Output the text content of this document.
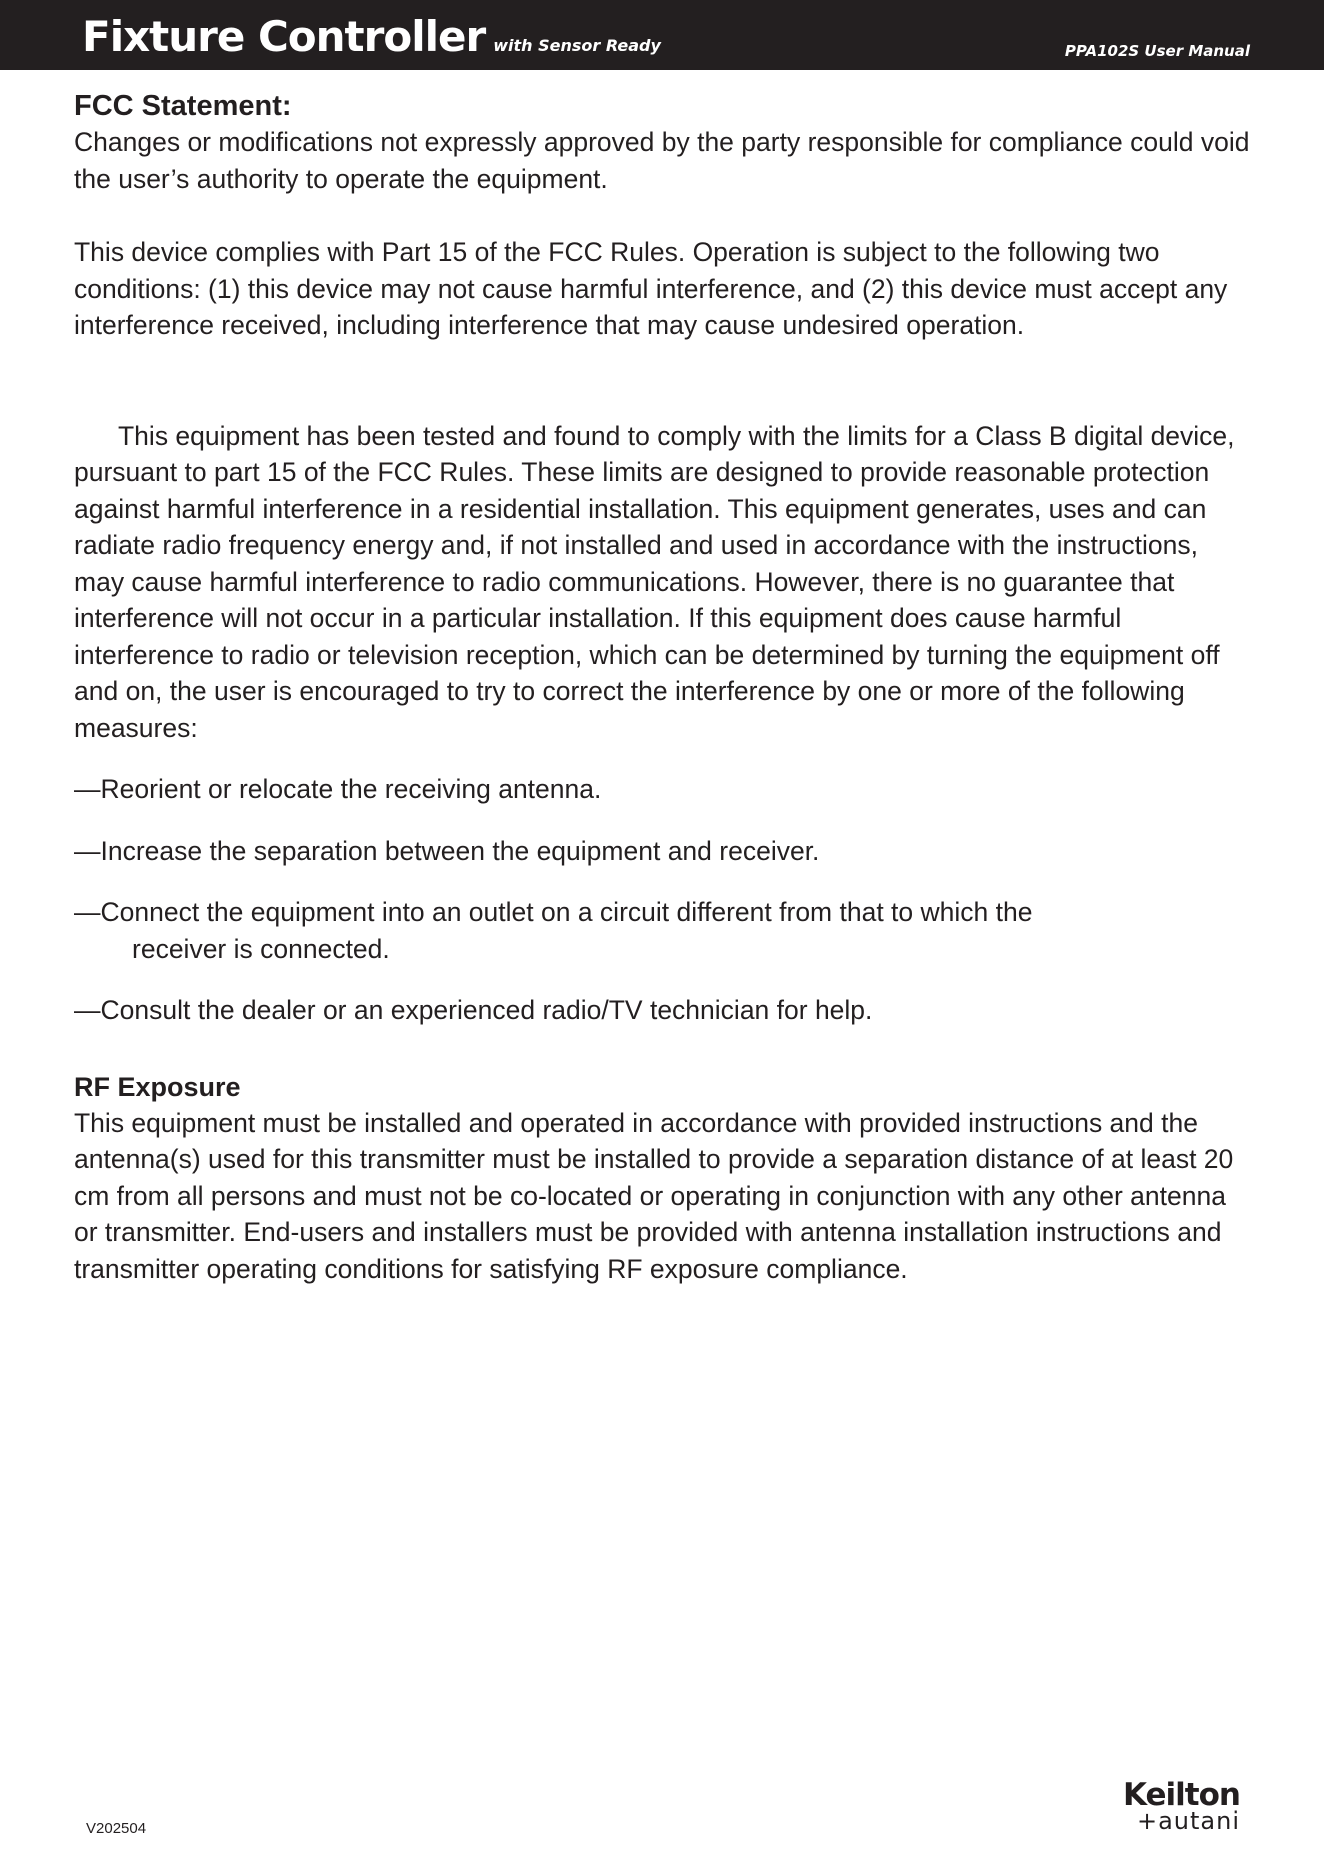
Fixture Controller with Sensor Ready	PPA102S User Manual
FCC Statement:

Changes or modifications not expressly approved by the party responsible for compliance could void the user’s authority to operate the equipment.

This device complies with Part 15 of the FCC Rules. Operation is subject to the following two conditions: (1) this device may not cause harmful interference, and (2) this device must accept any interference received, including interference that may cause undesired operation.

This equipment has been tested and found to comply with the limits for a Class B digital device, pursuant to part 15 of the FCC Rules. These limits are designed to provide reasonable protection against harmful interference in a residential installation. This equipment generates, uses and can radiate radio frequency energy and, if not installed and used in accordance with the instructions, may cause harmful interference to radio communications. However, there is no guarantee that interference will not occur in a particular installation. If this equipment does cause harmful interference to radio or television reception, which can be determined by turning the equipment off and on, the user is encouraged to try to correct the interference by one or more of the following measures:

—Reorient or relocate the receiving antenna.

—Increase the separation between the equipment and receiver.

—Connect the equipment into an outlet on a circuit different from that to which the
receiver is connected.

—Consult the dealer or an experienced radio/TV technician for help.

RF Exposure

This equipment must be installed and operated in accordance with provided instructions and the antenna(s) used for this transmitter must be installed to provide a separation distance of at least 20 cm from all persons and must not be co-located or operating in conjunction with any other antenna or transmitter. End-users and installers must be provided with antenna installation instructions and transmitter operating conditions for satisfying RF exposure compliance.

V202504
Keilton
+autani
